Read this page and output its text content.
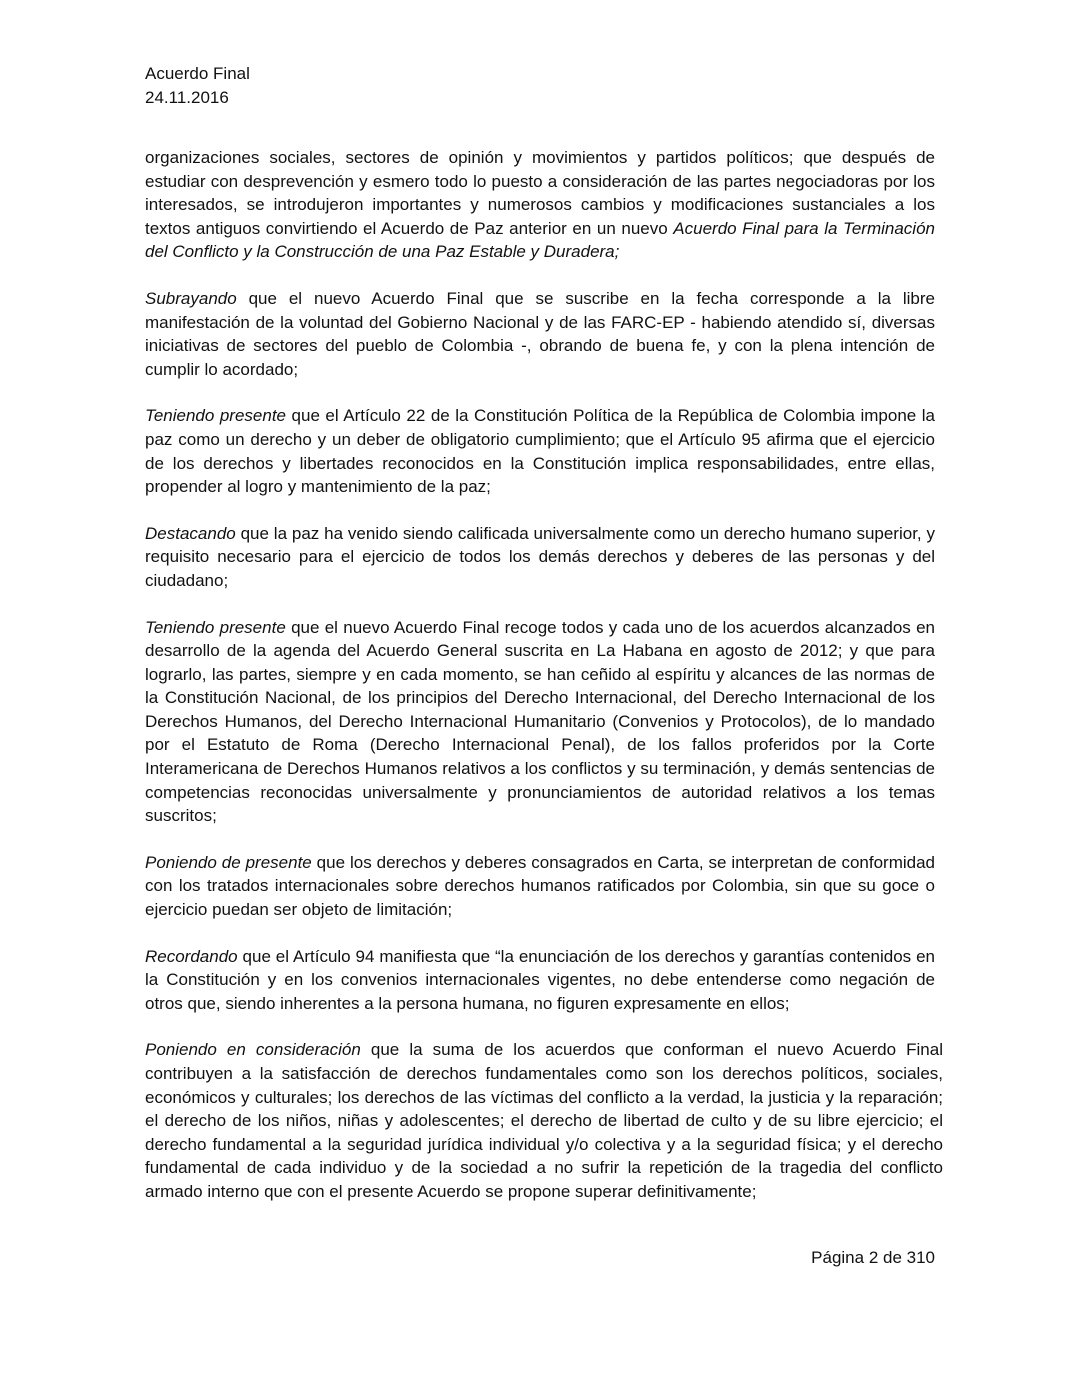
Acuerdo Final
24.11.2016

organizaciones sociales, sectores de opinión y movimientos y partidos políticos; que después de estudiar con desprevención y esmero todo lo puesto a consideración de las partes negociadoras por los interesados, se introdujeron importantes y numerosos cambios y modificaciones sustanciales a los textos antiguos convirtiendo el Acuerdo de Paz anterior en un nuevo Acuerdo Final para la Terminación del Conflicto y la Construcción de una Paz Estable y Duradera;

Subrayando que el nuevo Acuerdo Final que se suscribe en la fecha corresponde a la libre manifestación de la voluntad del Gobierno Nacional y de las FARC-EP - habiendo atendido sí, diversas iniciativas de sectores del pueblo de Colombia -, obrando de buena fe, y con la plena intención de cumplir lo acordado;

Teniendo presente que el Artículo 22 de la Constitución Política de la República de Colombia impone la paz como un derecho y un deber de obligatorio cumplimiento; que el Artículo 95 afirma que el ejercicio de los derechos y libertades reconocidos en la Constitución implica responsabilidades, entre ellas, propender al logro y mantenimiento de la paz;

Destacando que la paz ha venido siendo calificada universalmente como un derecho humano superior, y requisito necesario para el ejercicio de todos los demás derechos y deberes de las personas y del ciudadano;

Teniendo presente que el nuevo Acuerdo Final recoge todos y cada uno de los acuerdos alcanzados en desarrollo de la agenda del Acuerdo General suscrita en La Habana en agosto de 2012; y que para lograrlo, las partes, siempre y en cada momento, se han ceñido al espíritu y alcances de las normas de la Constitución Nacional, de los principios del Derecho Internacional, del Derecho Internacional de los Derechos Humanos, del Derecho Internacional Humanitario (Convenios y Protocolos), de lo mandado por el Estatuto de Roma (Derecho Internacional Penal), de los fallos proferidos por la Corte Interamericana de Derechos Humanos relativos a los conflictos y su terminación, y demás sentencias de competencias reconocidas universalmente y pronunciamientos de autoridad relativos a los temas suscritos;

Poniendo de presente que los derechos y deberes consagrados en Carta, se interpretan de conformidad con los tratados internacionales sobre derechos humanos ratificados por Colombia, sin que su goce o ejercicio puedan ser objeto de limitación;

Recordando que el Artículo 94 manifiesta que “la enunciación de los derechos y garantías contenidos en la Constitución y en los convenios internacionales vigentes, no debe entenderse como negación de otros que, siendo inherentes a la persona humana, no figuren expresamente en ellos;

Poniendo en consideración que la suma de los acuerdos que conforman el nuevo Acuerdo Final contribuyen a la satisfacción de derechos fundamentales como son los derechos políticos, sociales, económicos y culturales; los derechos de las víctimas del conflicto a la verdad, la justicia y la reparación; el derecho de los niños, niñas y adolescentes; el derecho de libertad de culto y de su libre ejercicio; el derecho fundamental a la seguridad jurídica individual y/o colectiva y a la seguridad física; y el derecho fundamental de cada individuo y de la sociedad a no sufrir la repetición de la tragedia del conflicto armado interno que con el presente Acuerdo se propone superar definitivamente;

Página 2 de 310
